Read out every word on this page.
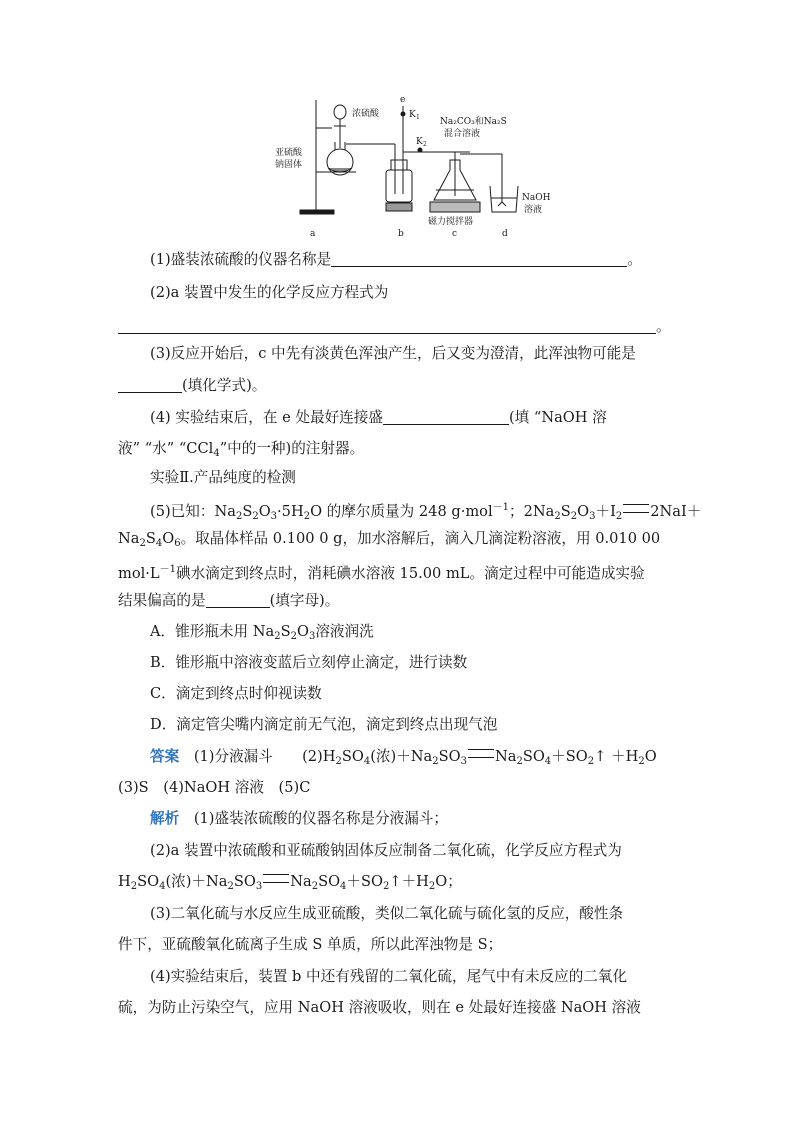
浓硫酸
亚硫酸
钠固体
e
K 1
K 2
Na₂CO₃和Na₂S
混合溶液
NaOH
溶液
磁力搅拌器
a	b	c	d
(1)盛装浓硫酸的仪器名称是	。
(2)a 装置中发生的化学反应方程式为
。
(3)反应开始后，c 中先有淡黄色浑浊产生，后又变为澄清，此浑浊物可能是
(填化学式)。
(4) 实验结束后，在 e 处最好连接盛	(填 “NaOH 溶
液” “水” “CCl$_4$”中的一种)的注射器。
实验Ⅱ.产品纯度的检测
(5)已知：$Na_2S_2O_3\cdot 5H_2O$ 的摩尔质量为 248 g·mol$^{-1}$；$2Na_2S_2O_3+I_2$ 2NaI＋
$Na_2S_4O_6$。取晶体样品 0.100 0 g，加水溶解后，滴入几滴淀粉溶液，用 0.010 00
$mol\cdot L^{-1}$碘水滴定到终点时，消耗碘水溶液 15.00 mL。滴定过程中可能造成实验
结果偏高的是	(填字母)。
A．锥形瓶未用 $Na_2S_2O_3$溶液润洗
B．锥形瓶中溶液变蓝后立刻停止滴定，进行读数
C．滴定到终点时仰视读数
D．滴定管尖嘴内滴定前无气泡，滴定到终点出现气泡
答案　 (1)分液漏斗　　 $(2)H_2SO_4$(浓)$+Na_2SO_3$ $Na_2SO_4+SO_2↑ +H_2O$
(3)S　(4)NaOH 溶液　(5)C
解析　 (1)盛装浓硫酸的仪器名称是分液漏斗；
(2)a 装置中浓硫酸和亚硫酸钠固体反应制备二氧化硫，化学反应方程式为
$H_2SO_4$(浓)$+Na_2SO_3$ $Na_2SO_4+SO_2↑+H_2O$；
(3)二氧化硫与水反应生成亚硫酸，类似二氧化硫与硫化氢的反应，酸性条
件下，亚硫酸氧化硫离子生成 S 单质，所以此浑浊物是 S；
(4)实验结束后，装置 b 中还有残留的二氧化硫，尾气中有未反应的二氧化
硫，为防止污染空气，应用 NaOH 溶液吸收，则在 e 处最好连接盛 NaOH 溶液
